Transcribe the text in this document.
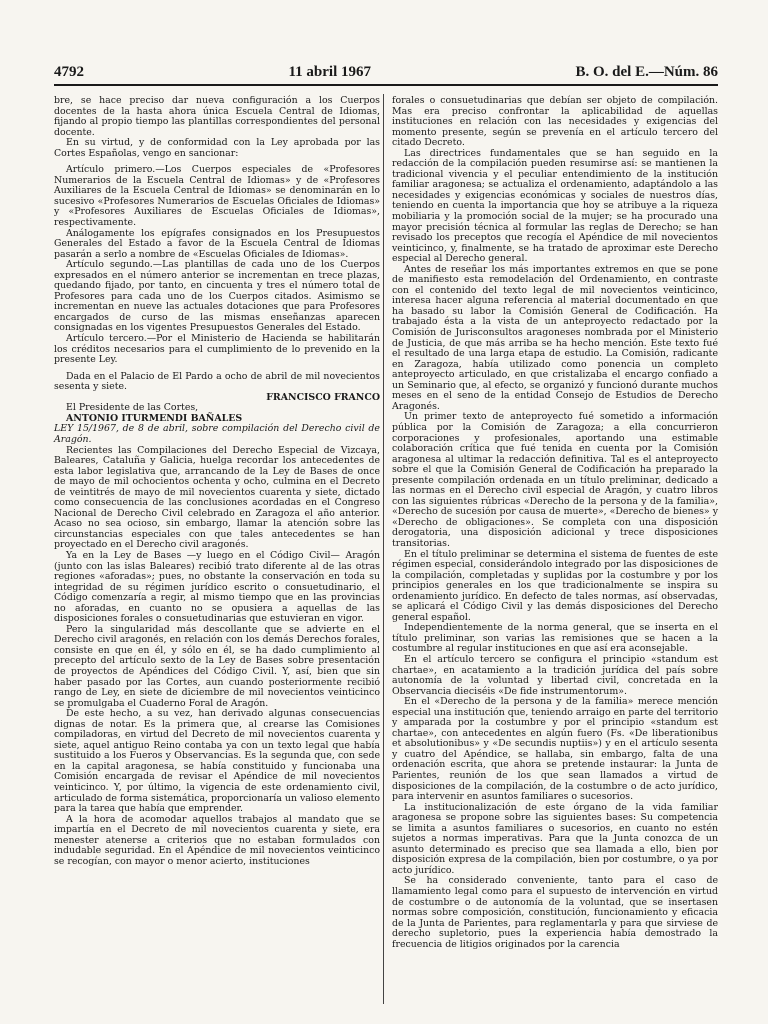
4792	11 abril 1967	B. O. del E.—Núm. 86

bre, se hace preciso dar nueva configuración a los Cuerpos docentes de la hasta ahora única Escuela Central de Idiomas, fijando al propio tiempo las plantillas correspondientes del personal docente.

En su virtud, y de conformidad con la Ley aprobada por las Cortes Españolas, vengo en sancionar:

Artículo primero.—Los Cuerpos especiales de «Profesores Numerarios de la Escuela Central de Idiomas» y de «Profesores Auxiliares de la Escuela Central de Idiomas» se denominarán en lo sucesivo «Profesores Numerarios de Escuelas Oficiales de Idiomas» y «Profesores Auxiliares de Escuelas Oficiales de Idiomas», respectivamente.

Análogamente los epígrafes consignados en los Presupuestos Generales del Estado a favor de la Escuela Central de Idiomas pasarán a serlo a nombre de «Escuelas Oficiales de Idiomas».

Artículo segundo.—Las plantillas de cada uno de los Cuerpos expresados en el número anterior se incrementan en trece plazas, quedando fijado, por tanto, en cincuenta y tres el número total de Profesores para cada uno de los Cuerpos citados. Asimismo se incrementan en nueve las actuales dotaciones que para Profesores encargados de curso de las mismas enseñanzas aparecen consignadas en los vigentes Presupuestos Generales del Estado.

Artículo tercero.—Por el Ministerio de Hacienda se habilitarán los créditos necesarios para el cumplimiento de lo prevenido en la presente Ley.

Dada en el Palacio de El Pardo a ocho de abril de mil novecientos sesenta y siete.

FRANCISCO FRANCO

El Presidente de las Cortes,

ANTONIO ITURMENDI BAÑALES

LEY 15/1967, de 8 de abril, sobre compilación del Derecho civil de Aragón.

Recientes las Compilaciones del Derecho Especial de Vizcaya, Baleares, Cataluña y Galicia, huelga recordar los antecedentes de esta labor legislativa que, arrancando de la Ley de Bases de once de mayo de mil ochocientos ochenta y ocho, culmina en el Decreto de veintitrés de mayo de mil novecientos cuarenta y siete, dictado como consecuencia de las conclusiones acordadas en el Congreso Nacional de Derecho Civil celebrado en Zaragoza el año anterior. Acaso no sea ocioso, sin embargo, llamar la atención sobre las circunstancias especiales con que tales antecedentes se han proyectado en el Derecho civil aragonés.

Ya en la Ley de Bases —y luego en el Código Civil— Aragón (junto con las islas Baleares) recibió trato diferente al de las otras regiones «aforadas»; pues, no obstante la conservación en toda su integridad de su régimen jurídico escrito o consuetudinario, el Código comenzaría a regir, al mismo tiempo que en las provincias no aforadas, en cuanto no se opusiera a aquellas de las disposiciones forales o consuetudinarias que estuvieran en vigor.

Pero la singularidad más descollante que se advierte en el Derecho civil aragonés, en relación con los demás Derechos forales, consiste en que en él, y sólo en él, se ha dado cumplimiento al precepto del artículo sexto de la Ley de Bases sobre presentación de proyectos de Apéndices del Código Civil. Y, así, bien que sin haber pasado por las Cortes, aun cuando posteriormente recibió rango de Ley, en siete de diciembre de mil novecientos veinticinco se promulgaba el Cuaderno Foral de Aragón.

De este hecho, a su vez, han derivado algunas consecuencias dignas de notar. Es la primera que, al crearse las Comisiones compiladoras, en virtud del Decreto de mil novecientos cuarenta y siete, aquel antiguo Reino contaba ya con un texto legal que había sustituido a los Fueros y Observancias. Es la segunda que, con sede en la capital aragonesa, se había constituido y funcionaba una Comisión encargada de revisar el Apéndice de mil novecientos veinticinco. Y, por último, la vigencia de este ordenamiento civil, articulado de forma sistemática, proporcionaría un valioso elemento para la tarea que había que emprender.

A la hora de acomodar aquellos trabajos al mandato que se impartía en el Decreto de mil novecientos cuarenta y siete, era menester atenerse a criterios que no estaban formulados con indudable seguridad. En el Apéndice de mil novecientos veinticinco se recogían, con mayor o menor acierto, instituciones

forales o consuetudinarias que debían ser objeto de compilación. Mas era preciso confrontar la aplicabilidad de aquellas instituciones en relación con las necesidades y exigencias del momento presente, según se prevenía en el artículo tercero del citado Decreto.

Las directrices fundamentales que se han seguido en la redacción de la compilación pueden resumirse así: se mantienen la tradicional vivencia y el peculiar entendimiento de la institución familiar aragonesa; se actualiza el ordenamiento, adaptándolo a las necesidades y exigencias económicas y sociales de nuestros días, teniendo en cuenta la importancia que hoy se atribuye a la riqueza mobiliaria y la promoción social de la mujer; se ha procurado una mayor precisión técnica al formular las reglas de Derecho; se han revisado los preceptos que recogía el Apéndice de mil novecientos veinticinco, y, finalmente, se ha tratado de aproximar este Derecho especial al Derecho general.

Antes de reseñar los más importantes extremos en que se pone de manifiesto esta remodelación del Ordenamiento, en contraste con el contenido del texto legal de mil novecientos veinticinco, interesa hacer alguna referencia al material documentado en que ha basado su labor la Comisión General de Codificación. Ha trabajado ésta a la vista de un anteproyecto redactado por la Comisión de Jurisconsultos aragoneses nombrada por el Ministerio de Justicia, de que más arriba se ha hecho mención. Este texto fué el resultado de una larga etapa de estudio. La Comisión, radicante en Zaragoza, había utilizado como ponencia un completo anteproyecto articulado, en que cristalizaba el encargo confiado a un Seminario que, al efecto, se organizó y funcionó durante muchos meses en el seno de la entidad Consejo de Estudios de Derecho Aragonés.

Un primer texto de anteproyecto fué sometido a información pública por la Comisión de Zaragoza; a ella concurrieron corporaciones y profesionales, aportando una estimable colaboración crítica que fué tenida en cuenta por la Comisión aragonesa al ultimar la redacción definitiva. Tal es el anteproyecto sobre el que la Comisión General de Codificación ha preparado la presente compilación ordenada en un título preliminar, dedicado a las normas en el Derecho civil especial de Aragón, y cuatro libros con las siguientes rúbricas «Derecho de la persona y de la familia», «Derecho de sucesión por causa de muerte», «Derecho de bienes» y «Derecho de obligaciones». Se completa con una disposición derogatoria, una disposición adicional y trece disposiciones transitorias.

En el título preliminar se determina el sistema de fuentes de este régimen especial, considerándolo integrado por las disposiciones de la compilación, completadas y suplidas por la costumbre y por los principios generales en los que tradicionalmente se inspira su ordenamiento jurídico. En defecto de tales normas, así observadas, se aplicará el Código Civil y las demás disposiciones del Derecho general español.

Independientemente de la norma general, que se inserta en el título preliminar, son varias las remisiones que se hacen a la costumbre al regular instituciones en que así era aconsejable.

En el artículo tercero se configura el principio «standum est chartae», en acatamiento a la tradición jurídica del país sobre autonomía de la voluntad y libertad civil, concretada en la Observancia dieciséis «De fide instrumentorum».

En el «Derecho de la persona y de la familia» merece mención especial una institución que, teniendo arraigo en parte del territorio y amparada por la costumbre y por el principio «standum est chartae», con antecedentes en algún fuero (Fs. «De liberationibus et absolutionibus» y «De secundis nuptiis») y en el artículo sesenta y cuatro del Apéndice, se hallaba, sin embargo, falta de una ordenación escrita, que ahora se pretende instaurar: la Junta de Parientes, reunión de los que sean llamados a virtud de disposiciones de la compilación, de la costumbre o de acto jurídico, para intervenir en asuntos familiares o sucesorios.

La institucionalización de este órgano de la vida familiar aragonesa se propone sobre las siguientes bases: Su competencia se limita a asuntos familiares o sucesorios, en cuanto no estén sujetos a normas imperativas. Para que la Junta conozca de un asunto determinado es preciso que sea llamada a ello, bien por disposición expresa de la compilación, bien por costumbre, o ya por acto jurídico.

Se ha considerado conveniente, tanto para el caso de llamamiento legal como para el supuesto de intervención en virtud de costumbre o de autonomía de la voluntad, que se insertasen normas sobre composición, constitución, funcionamiento y eficacia de la Junta de Parientes, para reglamentarla y para que sirviese de derecho supletorio, pues la experiencia había demostrado la frecuencia de litigios originados por la carencia
